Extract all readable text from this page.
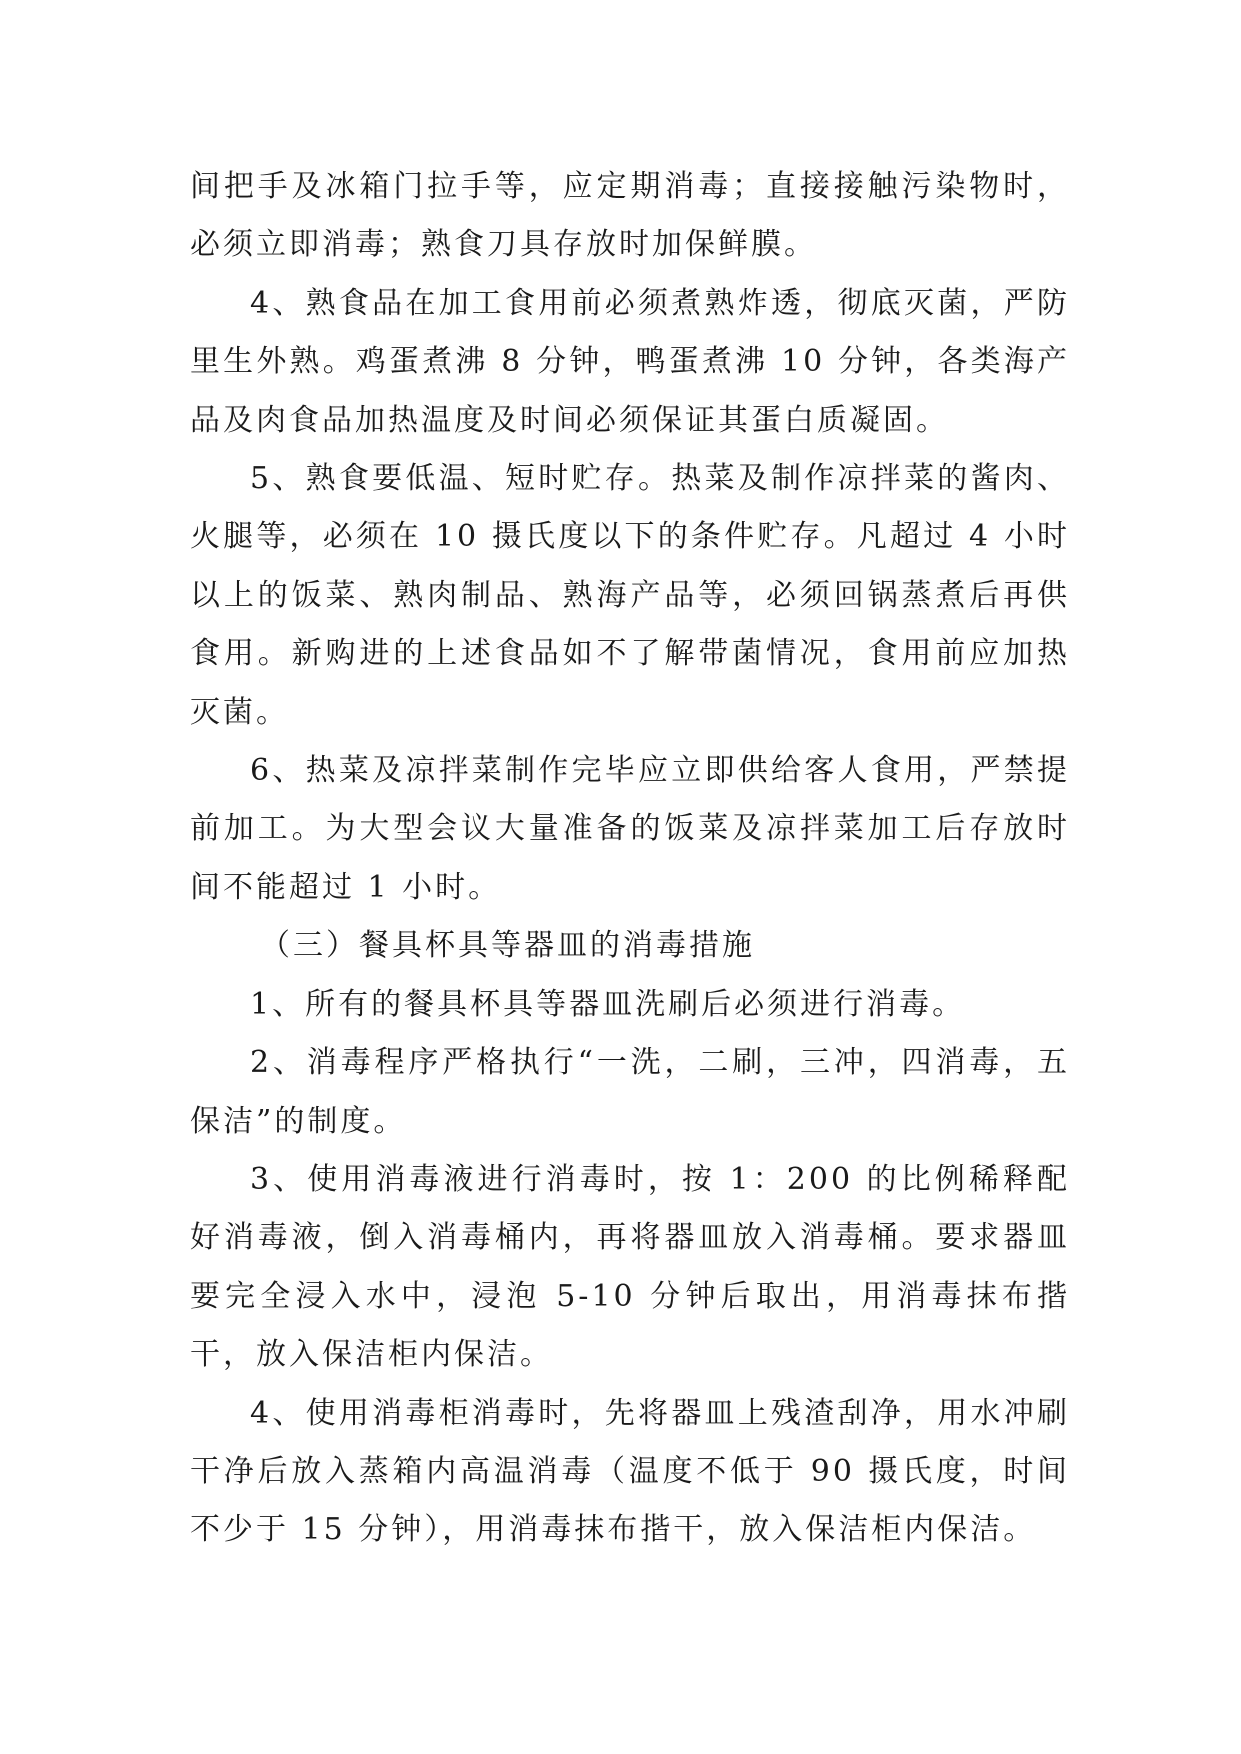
间把手及冰箱门拉手等，应定期消毒；直接接触污染物时，必须立即消毒；熟食刀具存放时加保鲜膜。

4、熟食品在加工食用前必须煮熟炸透，彻底灭菌，严防里生外熟。鸡蛋煮沸 8 分钟，鸭蛋煮沸 10 分钟，各类海产品及肉食品加热温度及时间必须保证其蛋白质凝固。

5、熟食要低温、短时贮存。热菜及制作凉拌菜的酱肉、火腿等，必须在 10 摄氏度以下的条件贮存。凡超过 4 小时以上的饭菜、熟肉制品、熟海产品等，必须回锅蒸煮后再供食用。新购进的上述食品如不了解带菌情况，食用前应加热灭菌。

6、热菜及凉拌菜制作完毕应立即供给客人食用，严禁提前加工。为大型会议大量准备的饭菜及凉拌菜加工后存放时间不能超过 1 小时。

（三）餐具杯具等器皿的消毒措施

1、所有的餐具杯具等器皿洗刷后必须进行消毒。

2、消毒程序严格执行“一洗，二刷，三冲，四消毒，五保洁”的制度。

3、使用消毒液进行消毒时，按 1：200 的比例稀释配好消毒液，倒入消毒桶内，再将器皿放入消毒桶。要求器皿要完全浸入水中，浸泡 5-10 分钟后取出，用消毒抹布揩干，放入保洁柜内保洁。

4、使用消毒柜消毒时，先将器皿上残渣刮净，用水冲刷干净后放入蒸箱内高温消毒（温度不低于 90 摄氏度，时间不少于 15 分钟），用消毒抹布揩干，放入保洁柜内保洁。
